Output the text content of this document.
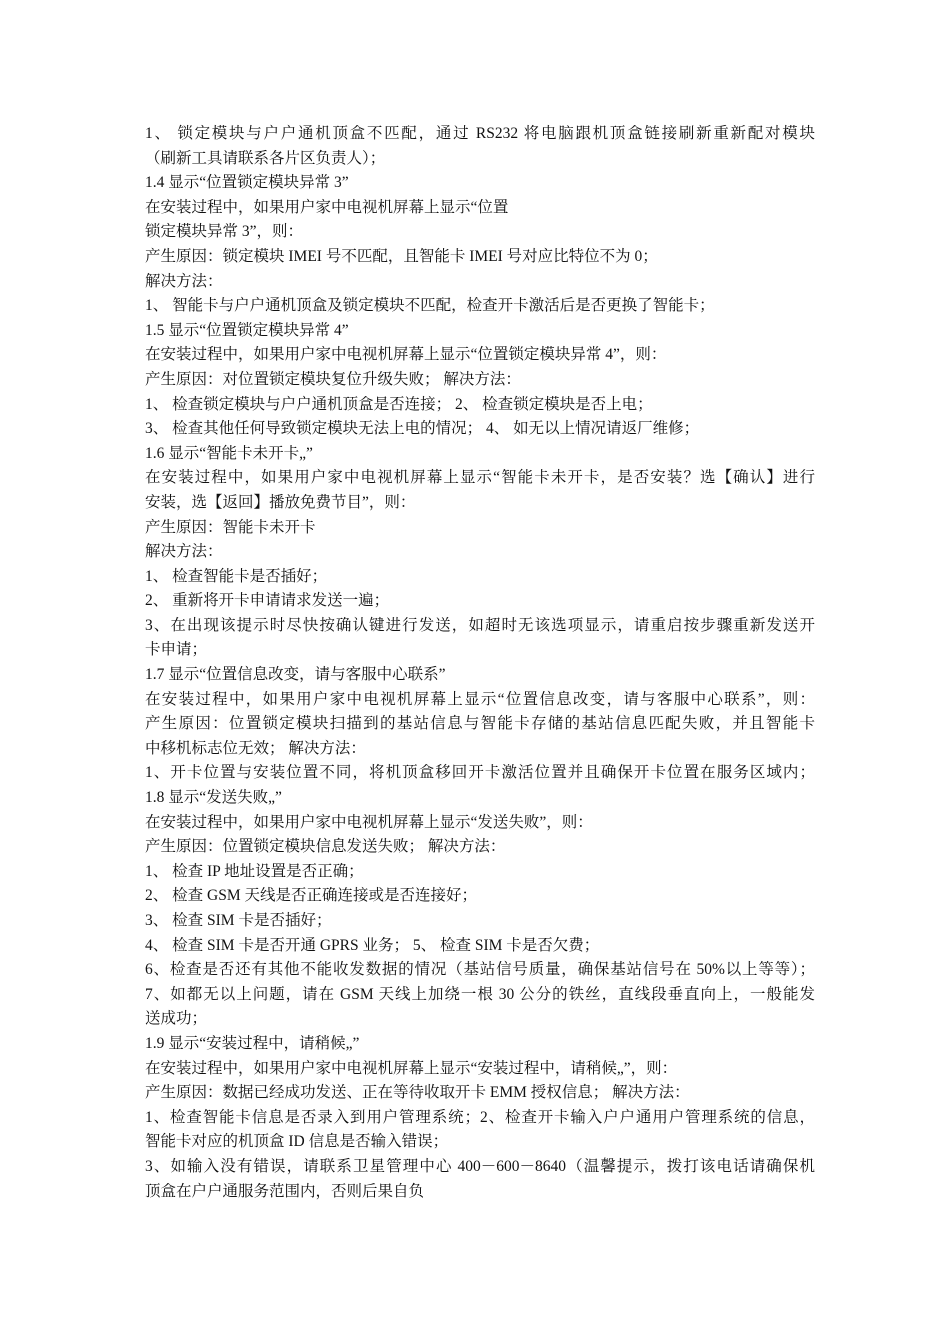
1、 锁定模块与户户通机顶盒不匹配，通过 RS232 将电脑跟机顶盒链接刷新重新配对模块
（刷新工具请联系各片区负责人）；
1.4 显示“位置锁定模块异常 3”
在安装过程中，如果用户家中电视机屏幕上显示“位置
锁定模块异常 3”，则：
产生原因：锁定模块 IMEI 号不匹配，且智能卡 IMEI 号对应比特位不为 0；
解决方法：
1、 智能卡与户户通机顶盒及锁定模块不匹配，检查开卡激活后是否更换了智能卡；
1.5 显示“位置锁定模块异常 4”
在安装过程中，如果用户家中电视机屏幕上显示“位置锁定模块异常 4”，则：
产生原因：对位置锁定模块复位升级失败； 解决方法：
1、 检查锁定模块与户户通机顶盒是否连接； 2、 检查锁定模块是否上电；
3、 检查其他任何导致锁定模块无法上电的情况； 4、 如无以上情况请返厂维修；
1.6 显示“智能卡未开卡„”
在安装过程中，如果用户家中电视机屏幕上显示“智能卡未开卡，是否安装？选【确认】进行
安装，选【返回】播放免费节目”，则：
产生原因：智能卡未开卡
解决方法：
1、 检查智能卡是否插好；
2、 重新将开卡申请请求发送一遍；
3、在出现该提示时尽快按确认键进行发送，如超时无该选项显示，请重启按步骤重新发送开
卡申请；
1.7 显示“位置信息改变，请与客服中心联系”
在安装过程中，如果用户家中电视机屏幕上显示“位置信息改变，请与客服中心联系”，则：
产生原因：位置锁定模块扫描到的基站信息与智能卡存储的基站信息匹配失败，并且智能卡
中移机标志位无效； 解决方法：
1、开卡位置与安装位置不同，将机顶盒移回开卡激活位置并且确保开卡位置在服务区域内；
1.8 显示“发送失败„”
在安装过程中，如果用户家中电视机屏幕上显示“发送失败”，则：
产生原因：位置锁定模块信息发送失败； 解决方法：
1、 检查 IP 地址设置是否正确；
2、 检查 GSM 天线是否正确连接或是否连接好；
3、 检查 SIM 卡是否插好；
4、 检查 SIM 卡是否开通 GPRS 业务； 5、 检查 SIM 卡是否欠费；
6、检查是否还有其他不能收发数据的情况（基站信号质量，确保基站信号在 50%以上等等）；
7、如都无以上问题，请在 GSM 天线上加绕一根 30 公分的铁丝，直线段垂直向上，一般能发
送成功；
1.9 显示“安装过程中，请稍候„”
在安装过程中，如果用户家中电视机屏幕上显示“安装过程中，请稍候„”，则：
产生原因：数据已经成功发送、正在等待收取开卡 EMM 授权信息； 解决方法：
1、检查智能卡信息是否录入到用户管理系统；2、检查开卡输入户户通用户管理系统的信息，
智能卡对应的机顶盒 ID 信息是否输入错误；
3、如输入没有错误，请联系卫星管理中心 400－600－8640（温馨提示，拨打该电话请确保机
顶盒在户户通服务范围内，否则后果自负
